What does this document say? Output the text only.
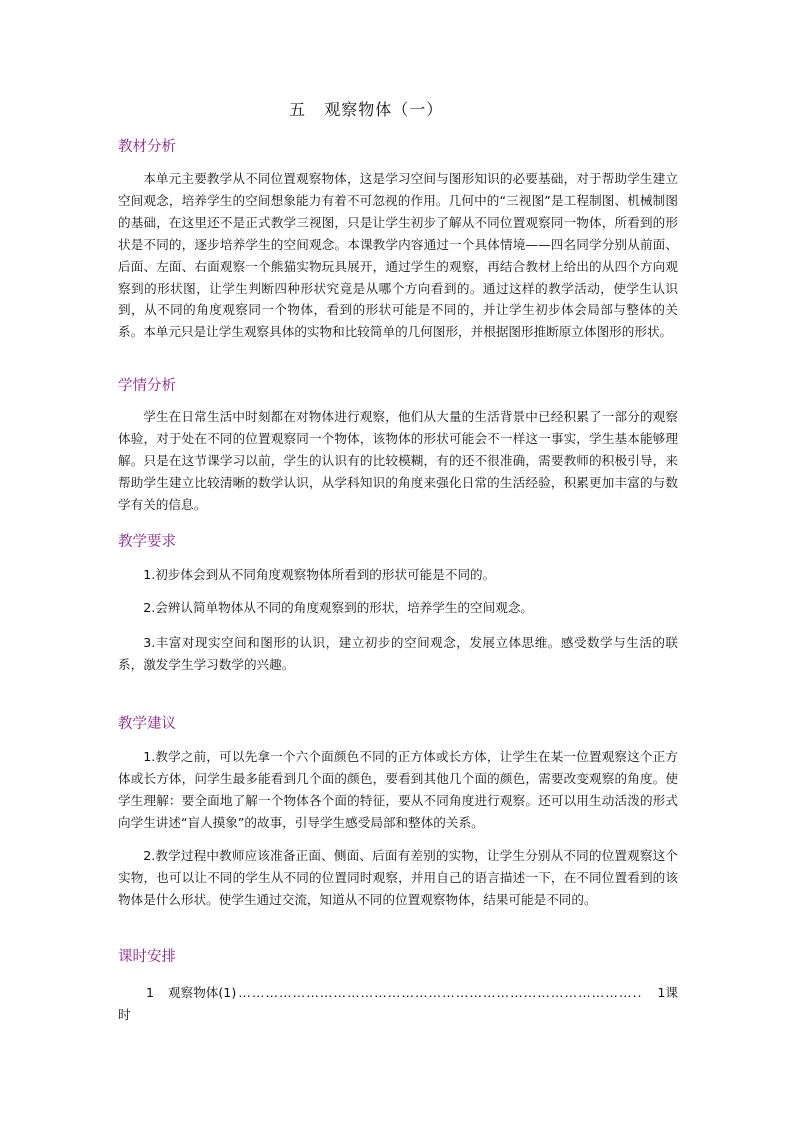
五   观察物体（一）
教材分析
本单元主要教学从不同位置观察物体，这是学习空间与图形知识的必要基础，对于帮助学生建立空间观念，培养学生的空间想象能力有着不可忽视的作用。几何中的“三视图”是工程制图、机械制图的基础，在这里还不是正式教学三视图，只是让学生初步了解从不同位置观察同一物体，所看到的形状是不同的，逐步培养学生的空间观念。本课教学内容通过一个具体情境——四名同学分别从前面、后面、左面、右面观察一个熊猫实物玩具展开，通过学生的观察，再结合教材上给出的从四个方向观察到的形状图，让学生判断四种形状究竟是从哪个方向看到的。通过这样的教学活动，使学生认识到，从不同的角度观察同一个物体，看到的形状可能是不同的，并让学生初步体会局部与整体的关系。本单元只是让学生观察具体的实物和比较简单的几何图形，并根据图形推断原立体图形的形状。
学情分析
学生在日常生活中时刻都在对物体进行观察，他们从大量的生活背景中已经积累了一部分的观察体验，对于处在不同的位置观察同一个物体，该物体的形状可能会不一样这一事实，学生基本能够理解。只是在这节课学习以前，学生的认识有的比较模糊，有的还不很准确，需要教师的积极引导，来帮助学生建立比较清晰的数学认识，从学科知识的角度来强化日常的生活经验，积累更加丰富的与数学有关的信息。
教学要求
1.初步体会到从不同角度观察物体所看到的形状可能是不同的。
2.会辨认简单物体从不同的角度观察到的形状，培养学生的空间观念。
3.丰富对现实空间和图形的认识，建立初步的空间观念，发展立体思维。感受数学与生活的联系，激发学生学习数学的兴趣。
教学建议
1.教学之前，可以先拿一个六个面颜色不同的正方体或长方体，让学生在某一位置观察这个正方体或长方体，问学生最多能看到几个面的颜色，要看到其他几个面的颜色，需要改变观察的角度。使学生理解：要全面地了解一个物体各个面的特征，要从不同角度进行观察。还可以用生动活泼的形式向学生讲述“盲人摸象”的故事，引导学生感受局部和整体的关系。
2.教学过程中教师应该准备正面、侧面、后面有差别的实物，让学生分别从不同的位置观察这个实物，也可以让不同的学生从不同的位置同时观察，并用自己的语言描述一下，在不同位置看到的该物体是什么形状。使学生通过交流，知道从不同的位置观察物体，结果可能是不同的。
课时安排
1 观察物体(1) ……………………………………………………………………………..	1课
时
